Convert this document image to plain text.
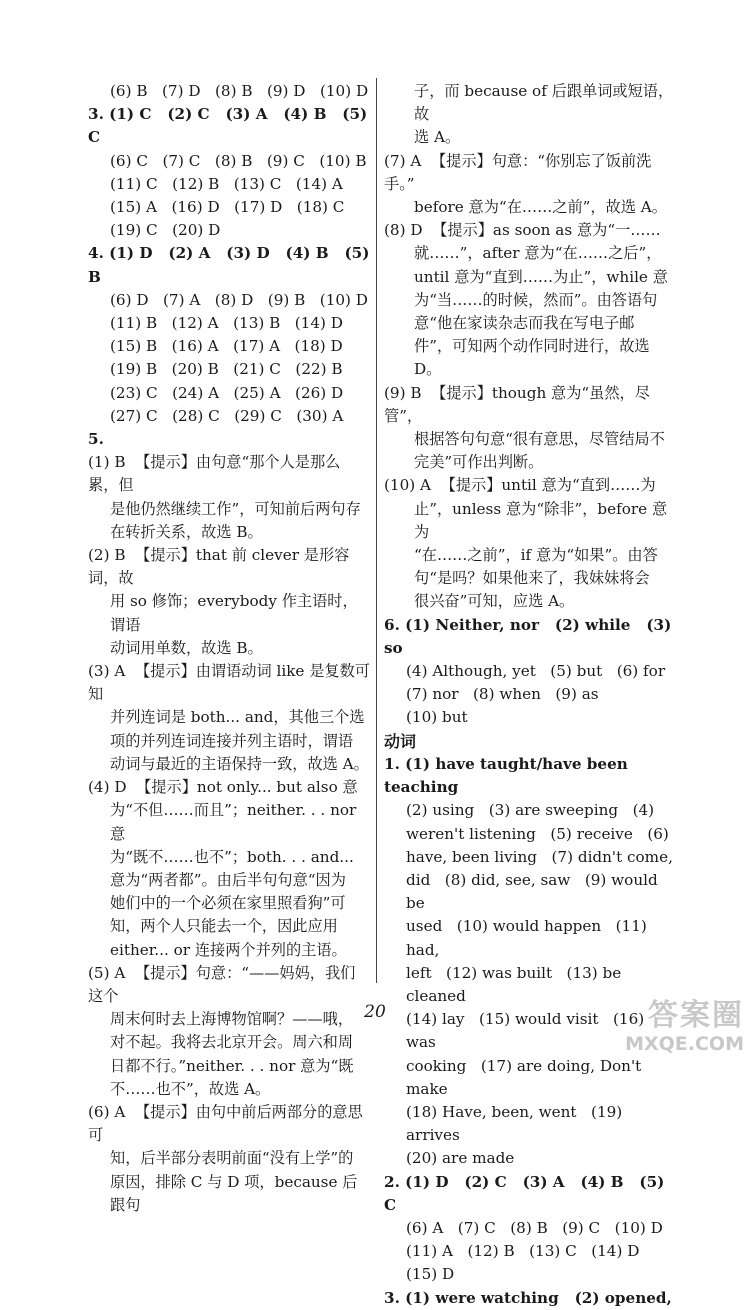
(6) B   (7) D   (8) B   (9) D   (10) D
3. (1) C   (2) C   (3) A   (4) B   (5) C
(6) C   (7) C   (8) B   (9) C   (10) B
(11) C   (12) B   (13) C   (14) A
(15) A   (16) D   (17) D   (18) C
(19) C   (20) D
4. (1) D   (2) A   (3) D   (4) B   (5) B
(6) D   (7) A   (8) D   (9) B   (10) D
(11) B   (12) A   (13) B   (14) D
(15) B   (16) A   (17) A   (18) D
(19) B   (20) B   (21) C   (22) B
(23) C   (24) A   (25) A   (26) D
(27) C   (28) C   (29) C   (30) A
5.
(1) B  【提示】由句意“那个人是那么累，但
是他仍然继续工作”，可知前后两句存
在转折关系，故选 B。
(2) B  【提示】that 前 clever 是形容词，故
用 so 修饰；everybody 作主语时，谓语
动词用单数，故选 B。
(3) A  【提示】由谓语动词 like 是复数可知
并列连词是 both... and，其他三个选
项的并列连词连接并列主语时，谓语
动词与最近的主语保持一致，故选 A。
(4) D  【提示】not only... but also 意
为“不但……而且”；neither. . . nor 意
为“既不……也不”；both. . . and...
意为“两者都”。由后半句句意“因为
她们中的一个必须在家里照看狗”可
知，两个人只能去一个，因此应用
either... or 连接两个并列的主语。
(5) A  【提示】句意：“——妈妈，我们这个
周末何时去上海博物馆啊？——哦，
对不起。我将去北京开会。周六和周
日都不行。”neither. . . nor 意为“既
不……也不”，故选 A。
(6) A  【提示】由句中前后两部分的意思可
知，后半部分表明前面“没有上学”的
原因，排除 C 与 D 项，because 后跟句
子，而 because of 后跟单词或短语，故
选 A。
(7) A  【提示】句意：“你别忘了饭前洗手。”
before 意为“在……之前”，故选 A。
(8) D  【提示】as soon as 意为“一……
就……”，after 意为“在……之后”，
until 意为“直到……为止”，while 意
为“当……的时候，然而”。由答语句
意“他在家读杂志而我在写电子邮
件”，可知两个动作同时进行，故选 D。
(9) B  【提示】though 意为“虽然，尽管”，
根据答句句意“很有意思，尽管结局不
完美”可作出判断。
(10) A  【提示】until 意为“直到……为
止”，unless 意为“除非”，before 意为
“在……之前”，if 意为“如果”。由答
句“是吗？如果他来了，我妹妹将会
很兴奋”可知，应选 A。
6. (1) Neither, nor   (2) while   (3) so
(4) Although, yet   (5) but   (6) for
(7) nor   (8) when   (9) as
(10) but
动词
1. (1) have taught/have been teaching
(2) using   (3) are sweeping   (4)
weren't listening   (5) receive   (6)
have, been living   (7) didn't come,
did   (8) did, see, saw   (9) would be
used   (10) would happen   (11) had,
left   (12) was built   (13) be cleaned
(14) lay   (15) would visit   (16) was
cooking   (17) are doing, Don't make
(18) Have, been, went   (19) arrives
(20) are made
2. (1) D   (2) C   (3) A   (4) B   (5) C
(6) A   (7) C   (8) B   (9) C   (10) D
(11) A   (12) B   (13) C   (14) D
(15) D
3. (1) were watching   (2) opened,
20	答案圈
MXQE.COM
